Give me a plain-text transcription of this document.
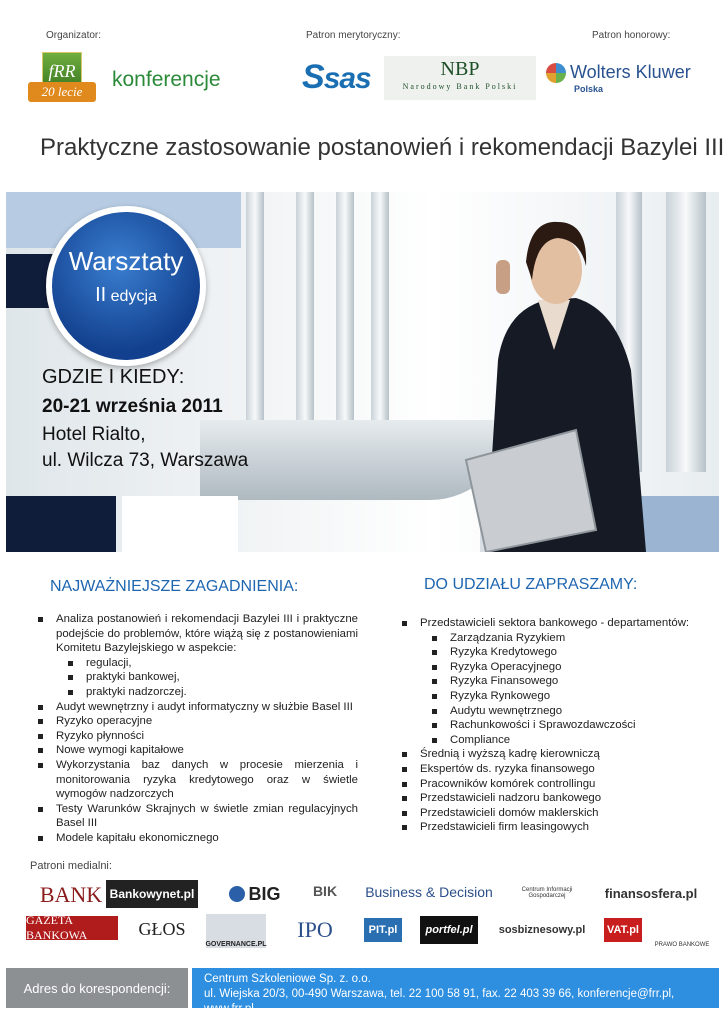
Organizator:	Patron merytoryczny:	Patron honorowy:
fRR
20 lecie
konferencje Ssas	NBP
Narodowy Bank Polski
Wolters Kluwer
Polska
Praktyczne zastosowanie postanowień i rekomendacji Bazylei III
Warsztaty
II edycja
GDZIE I KIEDY:
20-21 września 2011
Hotel Rialto,
ul. Wilcza 73, Warszawa
NAJWAŻNIEJSZE ZAGADNIENIA:
Analiza postanowień i rekomendacji Bazylei III i praktyczne podejście do problemów, które wiążą się z postanowieniami Komitetu Bazylejskiego w aspekcie:
regulacji,
praktyki bankowej,
praktyki nadzorczej.
Audyt wewnętrzny i audyt informatyczny w służbie Basel III
Ryzyko operacyjne
Ryzyko płynności
Nowe wymogi kapitałowe
Wykorzystania baz danych w procesie mierzenia i monitorowania ryzyka kredytowego oraz w świetle wymogów nadzorczych
Testy Warunków Skrajnych w świetle zmian regulacyjnych Basel III
Modele kapitału ekonomicznego
DO UDZIAŁU ZAPRASZAMY:
Przedstawicieli sektora bankowego - departamentów:
Zarządzania Ryzykiem
Ryzyka Kredytowego
Ryzyka Operacyjnego
Ryzyka Finansowego
Ryzyka Rynkowego
Audytu wewnętrznego
Rachunkowości i Sprawozdawczości
Compliance
Średnią i wyższą kadrę kierowniczą
Ekspertów ds. ryzyka finansowego
Pracowników komórek controllingu
Przedstawicieli nadzoru bankowego
Przedstawicieli domów maklerskich
Przedstawicieli firm leasingowych
Patroni medialni:
BANK Bankowynet.pl	BIG	BIK	Business & Decision	Centrum Informacji Gospodarczej	finansosfera.pl
GAZETA BANKOWA	GŁOS
GOVERNANCE.PL
IPO	PIT.pl	portfel.pl	sosbiznesowy.pl VAT.pl
PRAWO BANKOWE
Adres do korespondencji:
Centrum Szkoleniowe Sp. z. o.o.
ul. Wiejska 20/3, 00-490 Warszawa, tel. 22 100 58 91, fax. 22 403 39 66, konferencje@frr.pl, www.frr.pl
